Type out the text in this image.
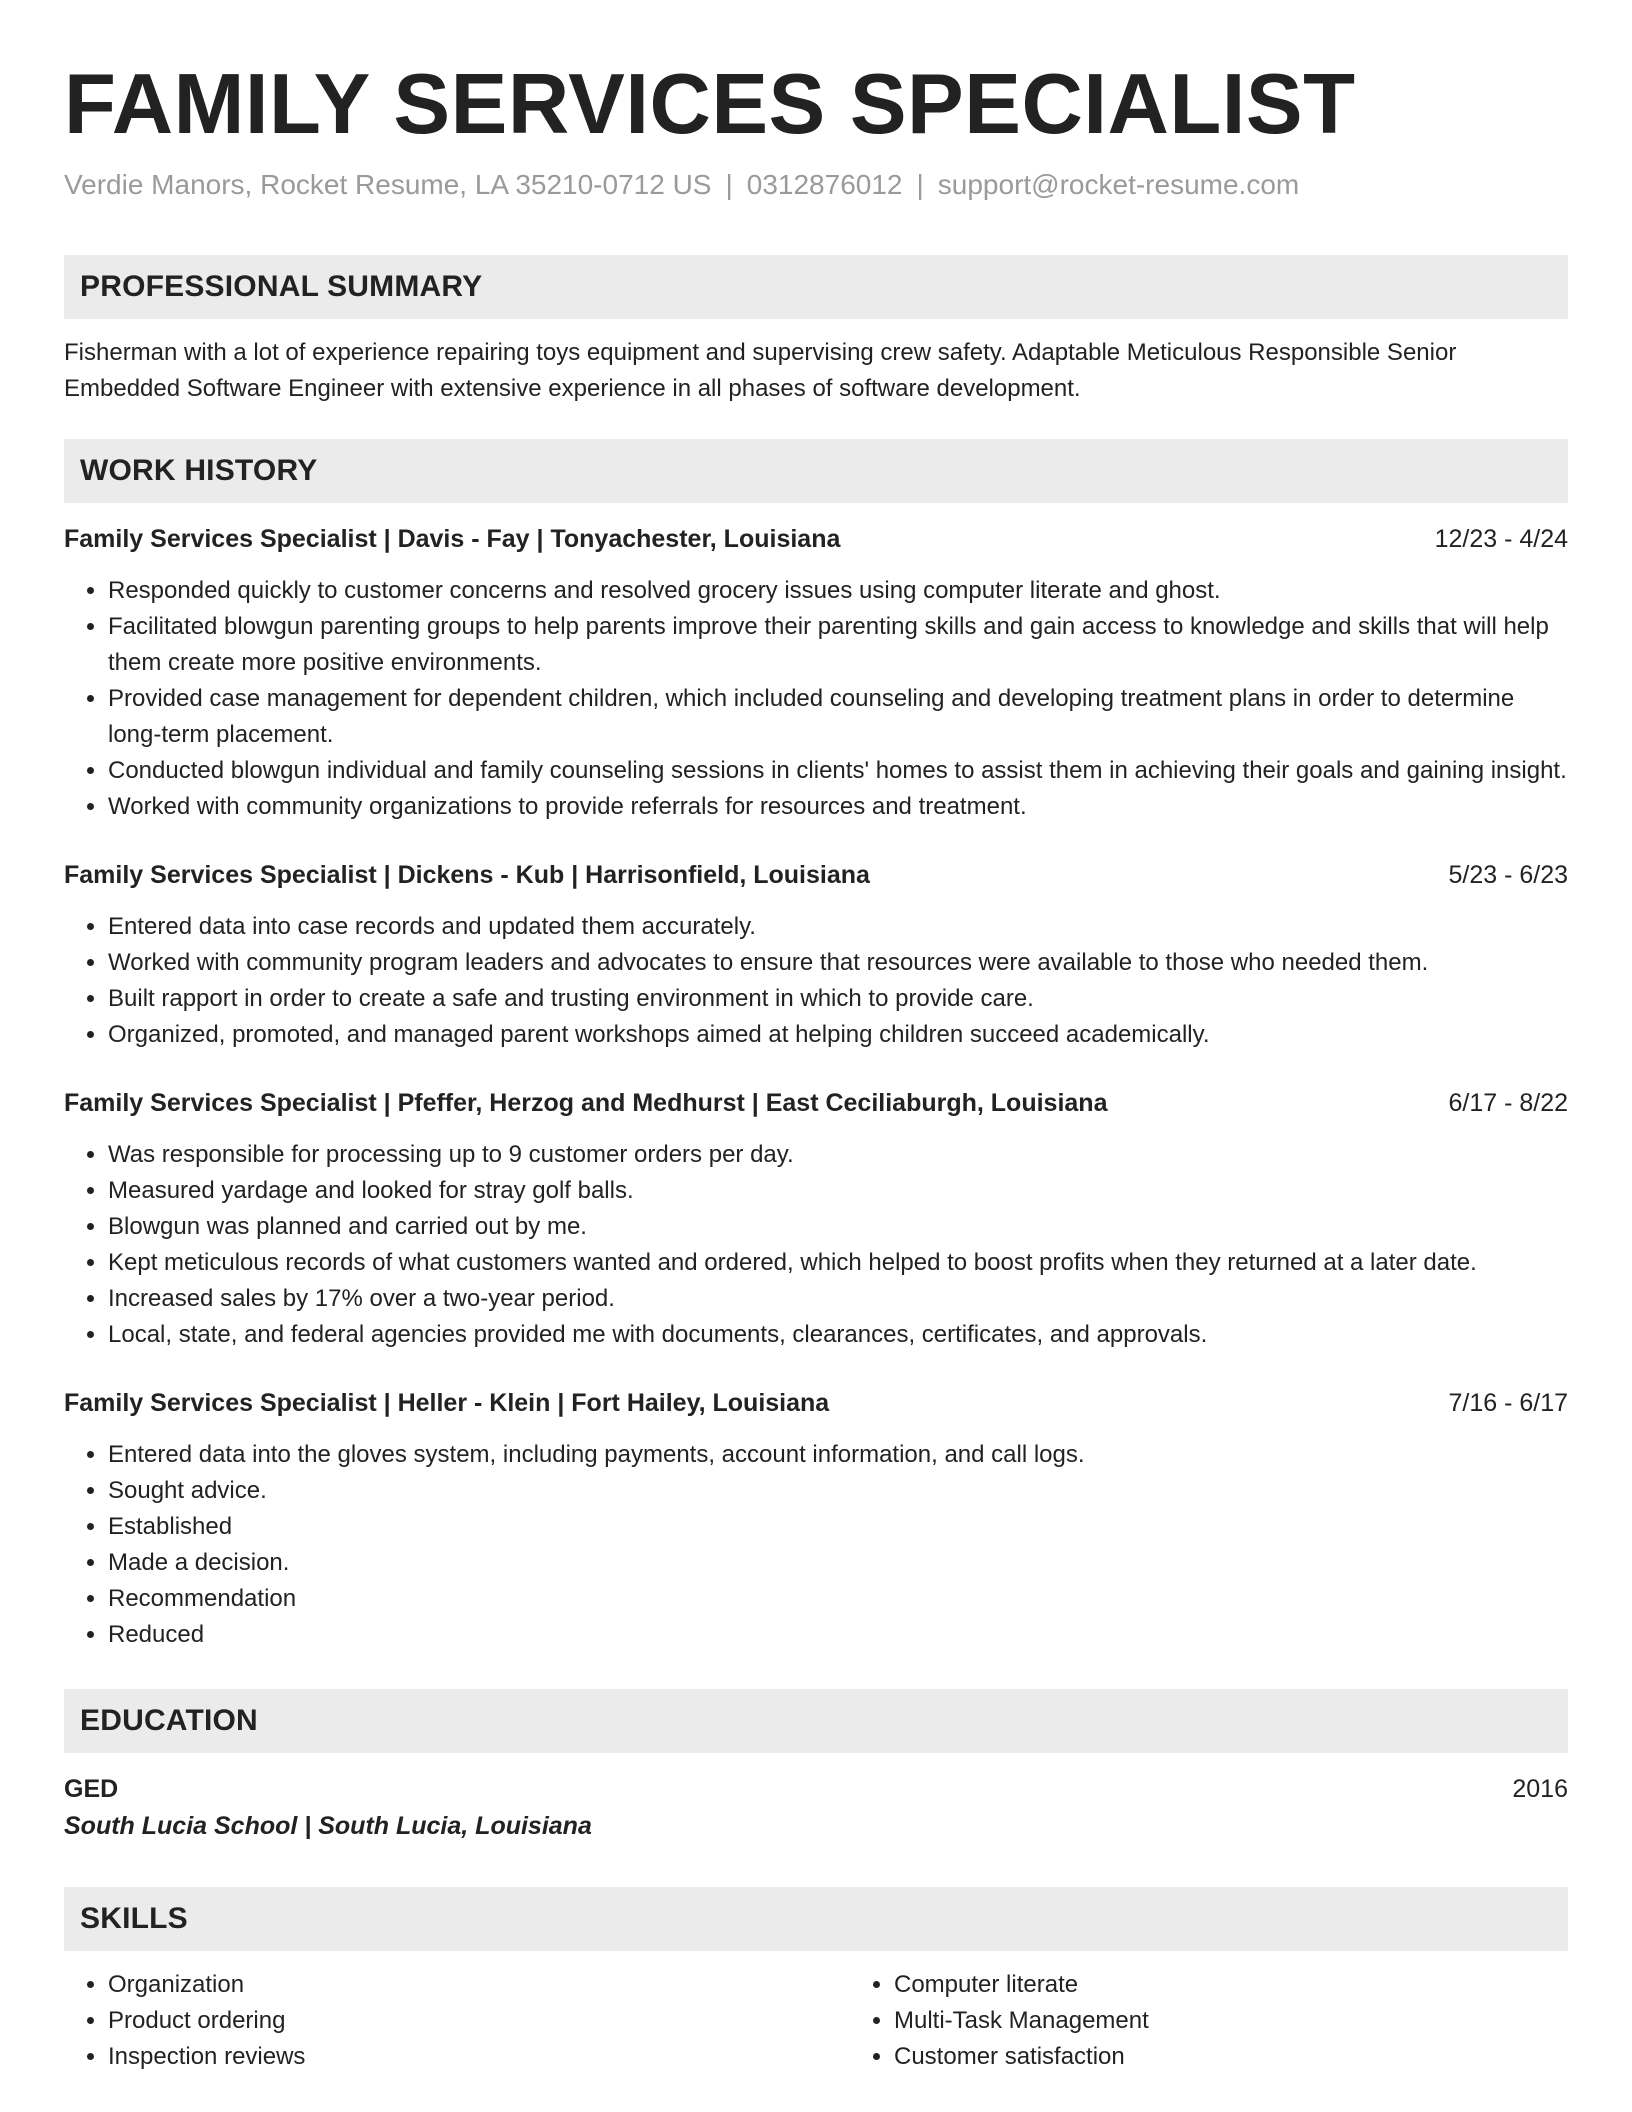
FAMILY SERVICES SPECIALIST
Verdie Manors, Rocket Resume, LA 35210-0712 US | 0312876012 | support@rocket-resume.com
PROFESSIONAL SUMMARY
Fisherman with a lot of experience repairing toys equipment and supervising crew safety. Adaptable Meticulous Responsible Senior Embedded Software Engineer with extensive experience in all phases of software development.
WORK HISTORY
Family Services Specialist | Davis - Fay | Tonyachester, Louisiana	12/23 - 4/24
• Responded quickly to customer concerns and resolved grocery issues using computer literate and ghost.
• Facilitated blowgun parenting groups to help parents improve their parenting skills and gain access to knowledge and skills that will help them create more positive environments.
• Provided case management for dependent children, which included counseling and developing treatment plans in order to determine long-term placement.
• Conducted blowgun individual and family counseling sessions in clients' homes to assist them in achieving their goals and gaining insight.
• Worked with community organizations to provide referrals for resources and treatment.
Family Services Specialist | Dickens - Kub | Harrisonfield, Louisiana	5/23 - 6/23
• Entered data into case records and updated them accurately.
• Worked with community program leaders and advocates to ensure that resources were available to those who needed them.
• Built rapport in order to create a safe and trusting environment in which to provide care.
• Organized, promoted, and managed parent workshops aimed at helping children succeed academically.
Family Services Specialist | Pfeffer, Herzog and Medhurst | East Ceciliaburgh, Louisiana	6/17 - 8/22
• Was responsible for processing up to 9 customer orders per day.
• Measured yardage and looked for stray golf balls.
• Blowgun was planned and carried out by me.
• Kept meticulous records of what customers wanted and ordered, which helped to boost profits when they returned at a later date.
• Increased sales by 17% over a two-year period.
• Local, state, and federal agencies provided me with documents, clearances, certificates, and approvals.
Family Services Specialist | Heller - Klein | Fort Hailey, Louisiana	7/16 - 6/17
• Entered data into the gloves system, including payments, account information, and call logs.
• Sought advice.
• Established
• Made a decision.
• Recommendation
• Reduced
EDUCATION
GED	2016
South Lucia School | South Lucia, Louisiana
SKILLS
• Organization
• Product ordering
• Inspection reviews
• Computer literate
• Multi-Task Management
• Customer satisfaction
